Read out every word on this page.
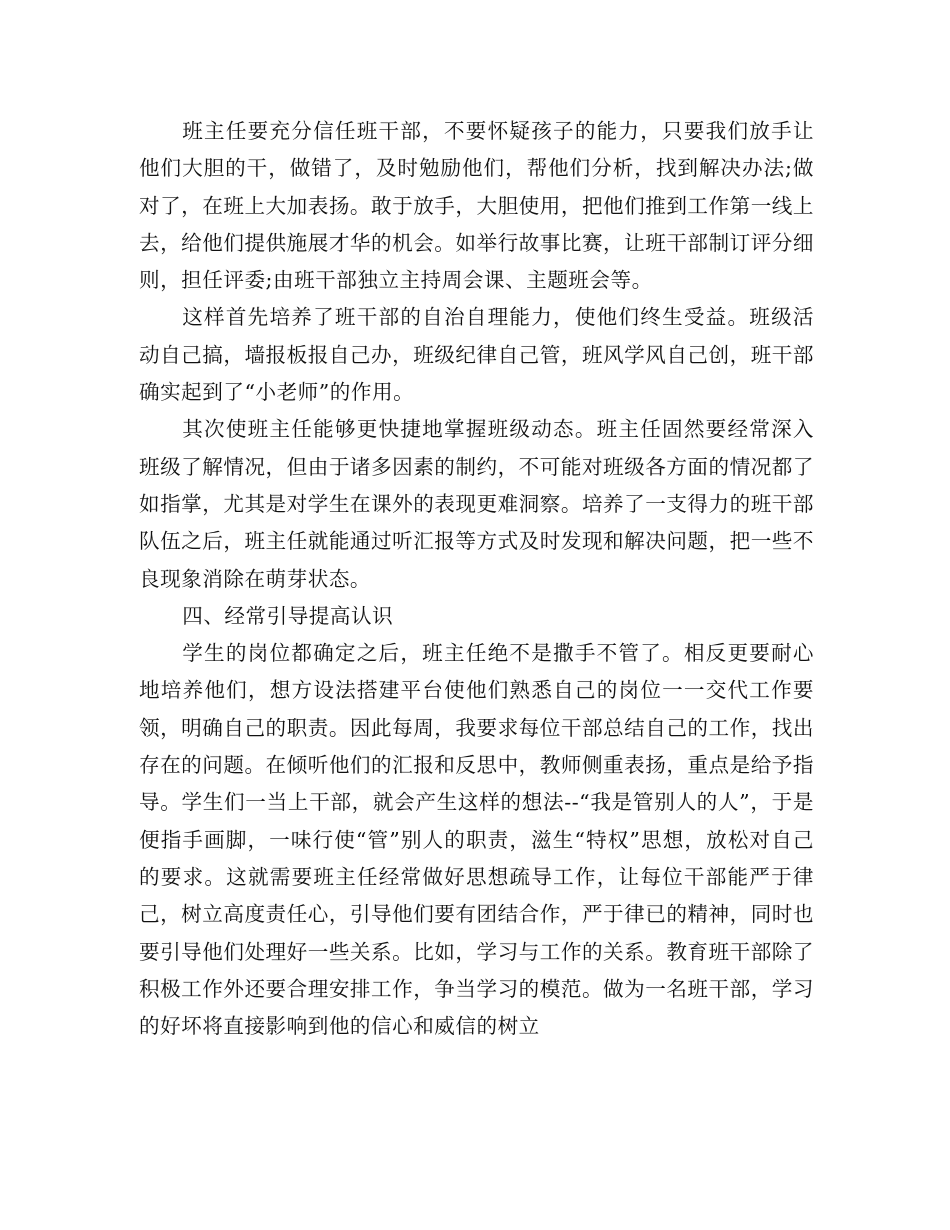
班主任要充分信任班干部，不要怀疑孩子的能力，只要我们放手让他们大胆的干，做错了，及时勉励他们，帮他们分析，找到解决办法;做对了，在班上大加表扬。敢于放手，大胆使用，把他们推到工作第一线上去，给他们提供施展才华的机会。如举行故事比赛，让班干部制订评分细则，担任评委;由班干部独立主持周会课、主题班会等。

这样首先培养了班干部的自治自理能力，使他们终生受益。班级活动自己搞，墙报板报自己办，班级纪律自己管，班风学风自己创，班干部确实起到了“小老师”的作用。

其次使班主任能够更快捷地掌握班级动态。班主任固然要经常深入班级了解情况，但由于诸多因素的制约，不可能对班级各方面的情况都了如指掌，尤其是对学生在课外的表现更难洞察。培养了一支得力的班干部队伍之后，班主任就能通过听汇报等方式及时发现和解决问题，把一些不良现象消除在萌芽状态。

四、经常引导提高认识

学生的岗位都确定之后，班主任绝不是撒手不管了。相反更要耐心地培养他们，想方设法搭建平台使他们熟悉自己的岗位一一交代工作要领，明确自己的职责。因此每周，我要求每位干部总结自己的工作，找出存在的问题。在倾听他们的汇报和反思中，教师侧重表扬，重点是给予指导。学生们一当上干部，就会产生这样的想法--“我是管别人的人”，于是便指手画脚，一味行使“管”别人的职责，滋生“特权”思想，放松对自己的要求。这就需要班主任经常做好思想疏导工作，让每位干部能严于律己，树立高度责任心，引导他们要有团结合作，严于律已的精神，同时也要引导他们处理好一些关系。比如，学习与工作的关系。教育班干部除了积极工作外还要合理安排工作，争当学习的模范。做为一名班干部，学习的好坏将直接影响到他的信心和威信的树立
